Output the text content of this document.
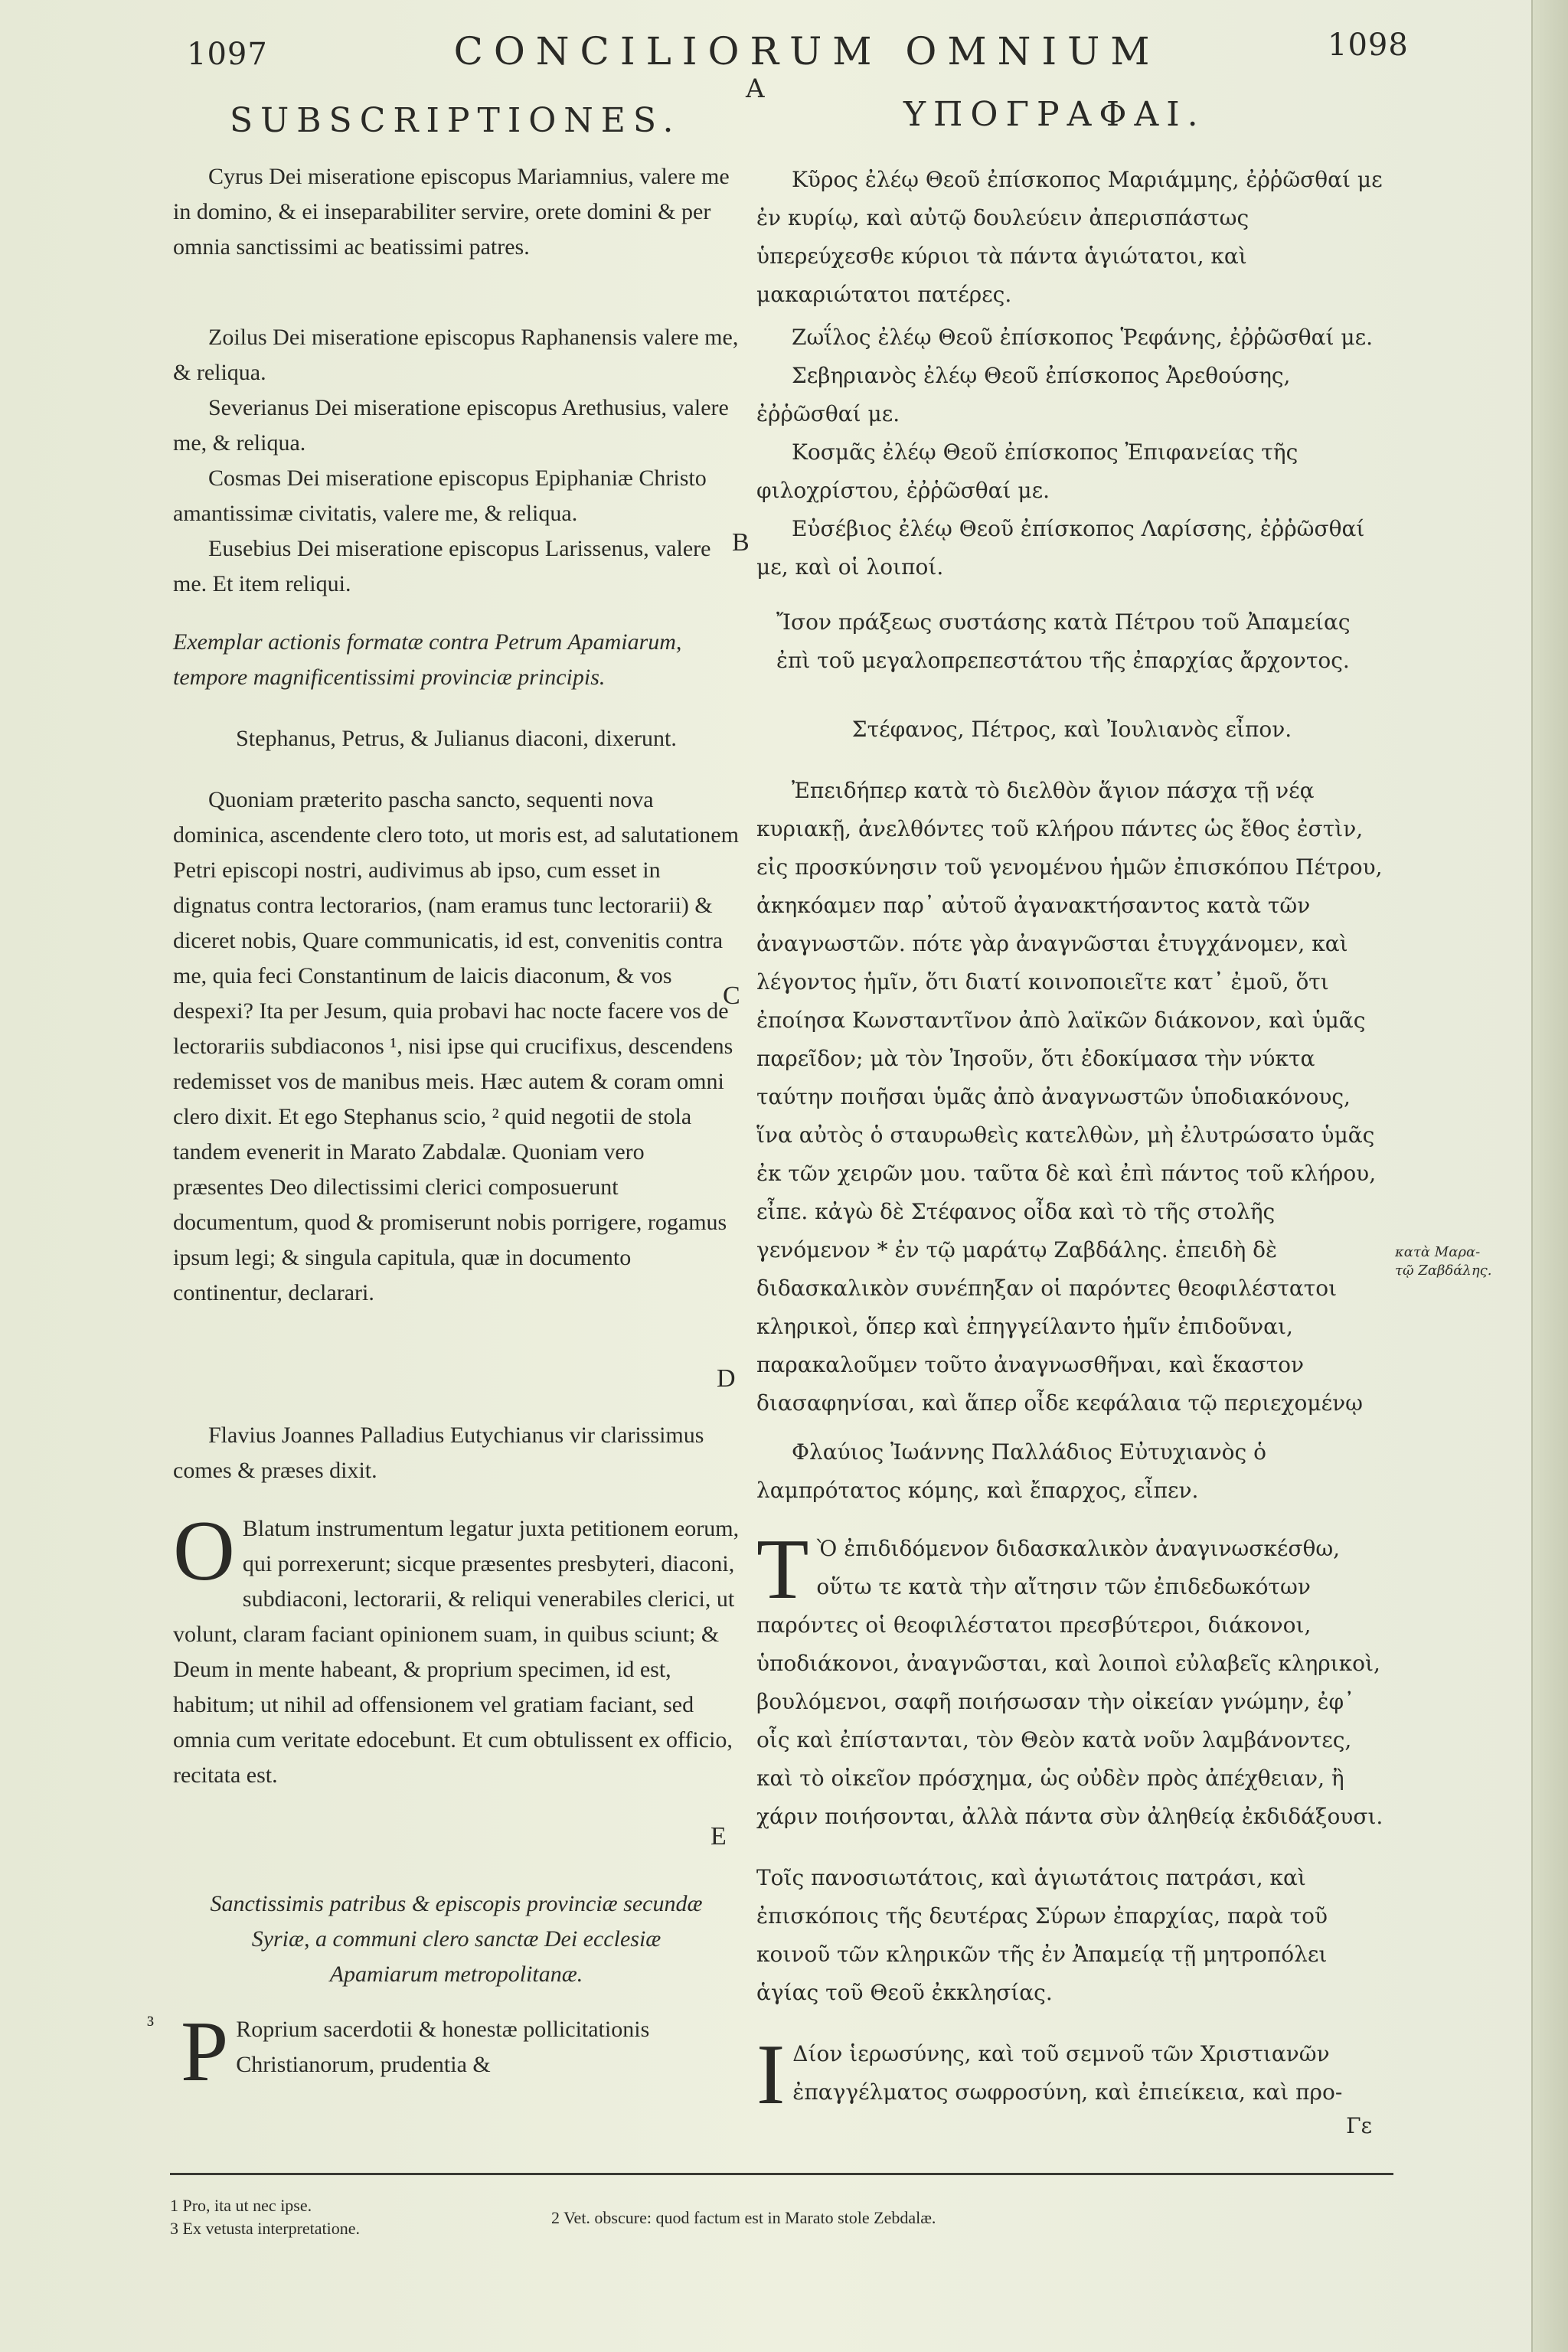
1097	CONCILIORUM OMNIUM	1098
A
SUBSCRIPTIONES.	ΥΠΟΓΡΑΦΑΙ.

Cyrus Dei miseratione episcopus Mariamnius, valere me in domino, & ei inseparabiliter servire, orete domini & per omnia sanctissimi ac beatissimi patres.

Zoilus Dei miseratione episcopus Raphanensis valere me, & reliqua.

Severianus Dei miseratione episcopus Arethusius, valere me, & reliqua.

Cosmas Dei miseratione episcopus Epiphaniæ Christo amantissimæ civitatis, valere me, & reliqua.

Eusebius Dei miseratione episcopus Larissenus, valere me. Et item reliqui.

Exemplar actionis formatæ contra Petrum Apamiarum, tempore magnificentissimi provinciæ principis.

Stephanus, Petrus, & Julianus diaconi, dixerunt.

Quoniam præterito pascha sancto, sequenti nova dominica, ascendente clero toto, ut moris est, ad salutationem Petri episcopi nostri, audivimus ab ipso, cum esset in dignatus contra lectorarios, (nam eramus tunc lectorarii) & diceret nobis, Quare communicatis, id est, convenitis contra me, quia feci Constantinum de laicis diaconum, & vos despexi? Ita per Jesum, quia probavi hac nocte facere vos de lectorariis subdiaconos ¹, nisi ipse qui crucifixus, descendens redemisset vos de manibus meis. Hæc autem & coram omni clero dixit. Et ego Stephanus scio, ² quid negotii de stola tandem evenerit in Marato Zabdalæ. Quoniam vero præsentes Deo dilectissimi clerici composuerunt documentum, quod & promiserunt nobis porrigere, rogamus ipsum legi; & singula capitula, quæ in documento continentur, declarari.

Flavius Joannes Palladius Eutychianus vir clarissimus comes & præses dixit.

O Blatum instrumentum legatur juxta petitionem eorum, qui porrexerunt; sicque præsentes presbyteri, diaconi, subdiaconi, lectorarii, & reliqui venerabiles clerici, ut volunt, claram faciant opinionem suam, in quibus sciunt; & Deum in mente habeant, & proprium specimen, id est, habitum; ut nihil ad offensionem vel gratiam faciant, sed omnia cum veritate edocebunt. Et cum obtulissent ex officio, recitata est.

Sanctissimis patribus & episcopis provinciæ secundæ Syriæ, a communi clero sanctæ Dei ecclesiæ Apamiarum metropolitanæ.

³ P Roprium sacerdotii & honestæ pollicitationis Christianorum, prudentia &

B
C
D
E

Κῦρος ἐλέῳ Θεοῦ ἐπίσκοπος Μαριάμμης, ἐῤῥῶσθαί με ἐν κυρίῳ, καὶ αὐτῷ δουλεύειν ἀπερισπάστως ὑπερεύχεσθε κύριοι τὰ πάντα ἁγιώτατοι, καὶ μακαριώτατοι πατέρες.

Ζωΐλος ἐλέῳ Θεοῦ ἐπίσκοπος Ῥεφάνης, ἐῤῥῶσθαί με.

Σεβηριανὸς ἐλέῳ Θεοῦ ἐπίσκοπος Ἀρεθούσης, ἐῤῥῶσθαί με.

Κοσμᾶς ἐλέῳ Θεοῦ ἐπίσκοπος Ἐπιφανείας τῆς φιλοχρίστου, ἐῤῥῶσθαί με.

Εὐσέβιος ἐλέῳ Θεοῦ ἐπίσκοπος Λαρίσσης, ἐῤῥῶσθαί με, καὶ οἱ λοιποί.

Ἴσον πράξεως συστάσης κατὰ Πέτρου τοῦ Ἀπαμείας ἐπὶ τοῦ μεγαλοπρεπεστάτου τῆς ἐπαρχίας ἄρχοντος.

Στέφανος, Πέτρος, καὶ Ἰουλιανὸς εἶπον.

Ἐπειδήπερ κατὰ τὸ διελθὸν ἅγιον πάσχα τῇ νέᾳ κυριακῇ, ἀνελθόντες τοῦ κλήρου πάντες ὡς ἔθος ἐστὶν, εἰς προσκύνησιν τοῦ γενομένου ἡμῶν ἐπισκόπου Πέτρου, ἀκηκόαμεν παρ᾽ αὐτοῦ ἀγανακτήσαντος κατὰ τῶν ἀναγνωστῶν. πότε γὰρ ἀναγνῶσται ἐτυγχάνομεν, καὶ λέγοντος ἡμῖν, ὅτι διατί κοινοποιεῖτε κατ᾽ ἐμοῦ, ὅτι ἐποίησα Κωνσταντῖνον ἀπὸ λαϊκῶν διάκονον, καὶ ὑμᾶς παρεῖδον; μὰ τὸν Ἰησοῦν, ὅτι ἐδοκίμασα τὴν νύκτα ταύτην ποιῆσαι ὑμᾶς ἀπὸ ἀναγνωστῶν ὑποδιακόνους, ἵνα αὐτὸς ὁ σταυρωθεὶς κατελθὼν, μὴ ἐλυτρώσατο ὑμᾶς ἐκ τῶν χειρῶν μου. ταῦτα δὲ καὶ ἐπὶ πάντος τοῦ κλήρου, εἶπε. κἀγὼ δὲ Στέφανος οἶδα καὶ τὸ τῆς στολῆς γενόμενον * ἐν τῷ μαράτῳ Ζαβδάλης. ἐπειδὴ δὲ διδασκαλικὸν συνέπηξαν οἱ παρόντες θεοφιλέστατοι κληρικοὶ, ὅπερ καὶ ἐπηγγείλαντο ἡμῖν ἐπιδοῦναι, παρακαλοῦμεν τοῦτο ἀναγνωσθῆναι, καὶ ἕκαστον διασαφηνίσαι, καὶ ἅπερ οἶδε κεφάλαια τῷ περιεχομένῳ

Φλαύιος Ἰωάννης Παλλάδιος Εὐτυχιανὸς ὁ λαμπρότατος κόμης, καὶ ἔπαρχος, εἶπεν.

Τ Ὸ ἐπιδιδόμενον διδασκαλικὸν ἀναγινωσκέσθω, οὕτω τε κατὰ τὴν αἴτησιν τῶν ἐπιδεδωκότων παρόντες οἱ θεοφιλέστατοι πρεσβύτεροι, διάκονοι, ὑποδιάκονοι, ἀναγνῶσται, καὶ λοιποὶ εὐλαβεῖς κληρικοὶ, βουλόμενοι, σαφῆ ποιήσωσαν τὴν οἰκείαν γνώμην, ἐφ᾽ οἷς καὶ ἐπίστανται, τὸν Θεὸν κατὰ νοῦν λαμβάνοντες, καὶ τὸ οἰκεῖον πρόσχημα, ὡς οὐδὲν πρὸς ἀπέχθειαν, ἢ χάριν ποιήσονται, ἀλλὰ πάντα σὺν ἀληθείᾳ ἐκδιδάξουσι.

Τοῖς πανοσιωτάτοις, καὶ ἁγιωτάτοις πατράσι, καὶ ἐπισκόποις τῆς δευτέρας Σύρων ἐπαρχίας, παρὰ τοῦ κοινοῦ τῶν κληρικῶν τῆς ἐν Ἀπαμείᾳ τῇ μητροπόλει ἁγίας τοῦ Θεοῦ ἐκκλησίας.

Ι Δίον ἱερωσύνης, καὶ τοῦ σεμνοῦ τῶν Χριστιανῶν ἐπαγγέλματος σωφροσύνη, καὶ ἐπιείκεια, καὶ προ-

Γε
κατὰ Μαρα-τῷ Ζαβδάλης.
1 Pro, ita ut nec ipse.
3 Ex vetusta interpretatione.
2 Vet. obscure: quod factum est in Marato stole Zebdalæ.
